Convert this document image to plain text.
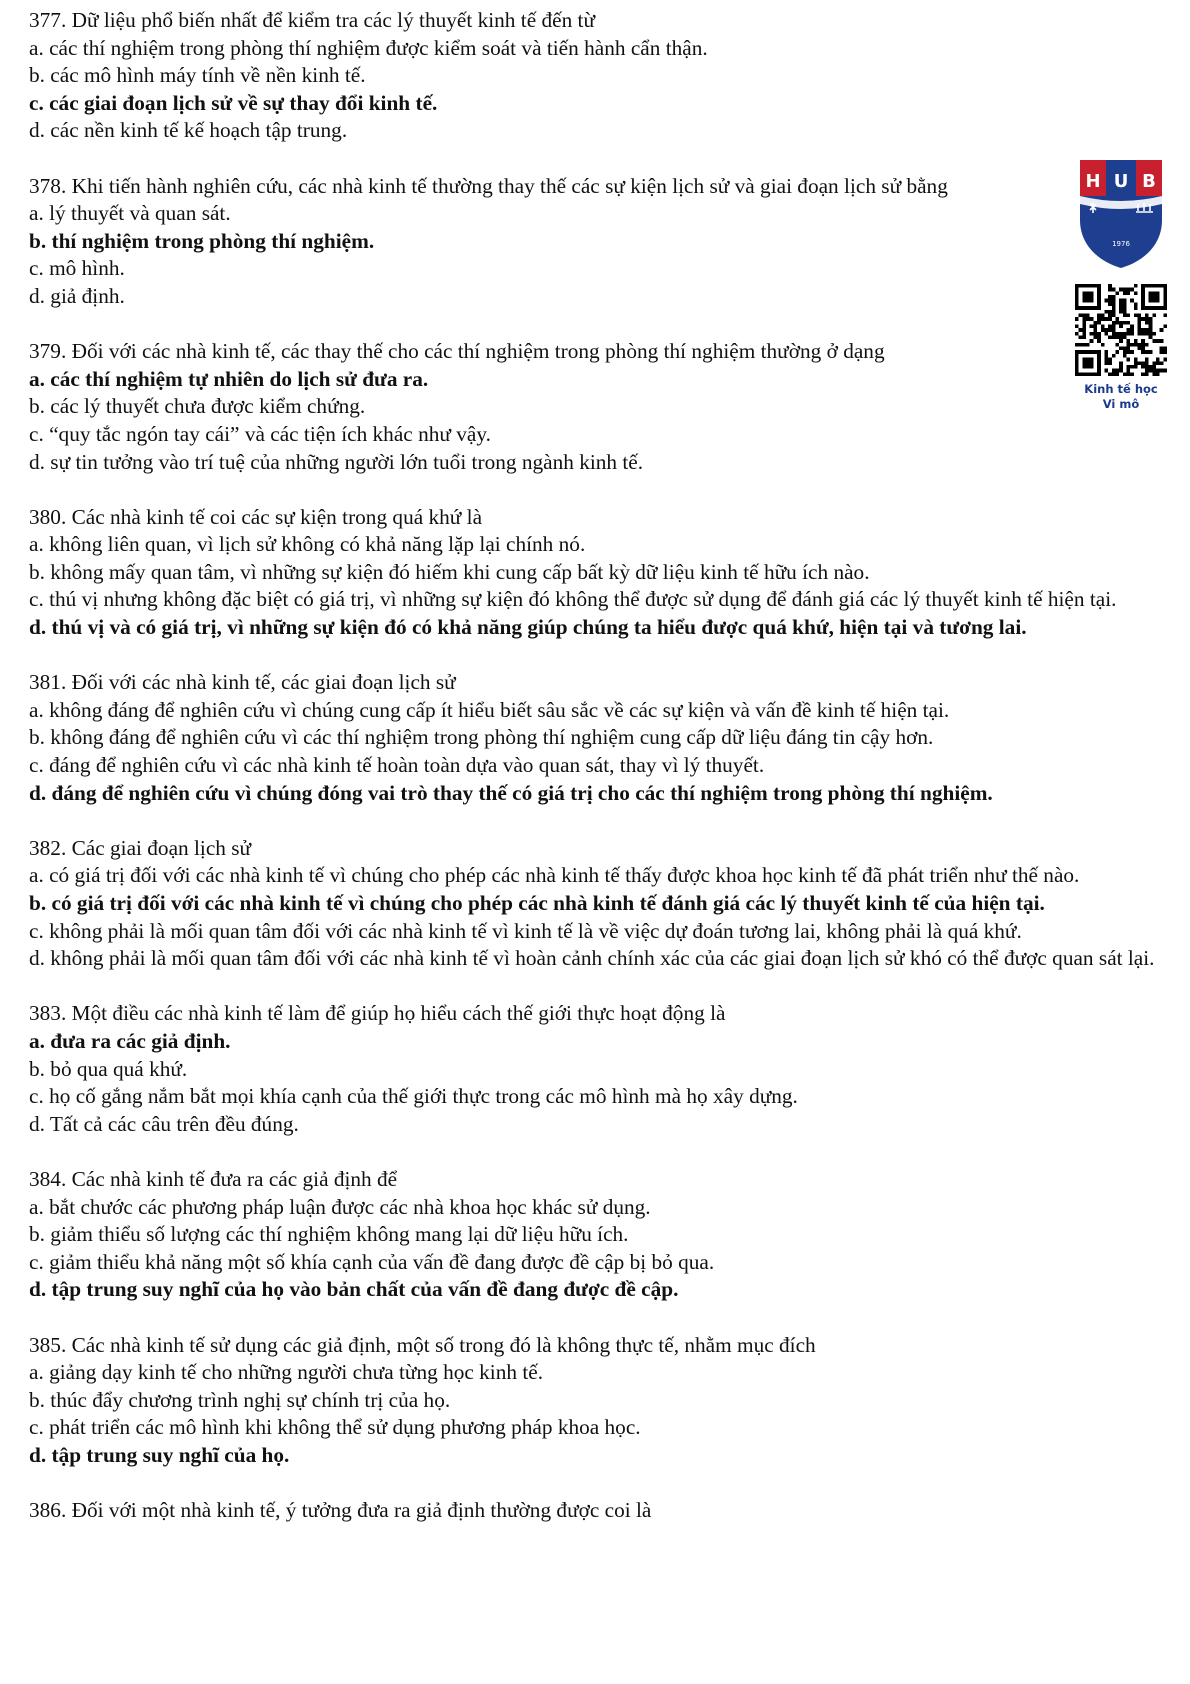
377. Dữ liệu phổ biến nhất để kiểm tra các lý thuyết kinh tế đến từ

a. các thí nghiệm trong phòng thí nghiệm được kiểm soát và tiến hành cẩn thận.

b. các mô hình máy tính về nền kinh tế.

c. các giai đoạn lịch sử về sự thay đổi kinh tế.

d. các nền kinh tế kế hoạch tập trung.

378. Khi tiến hành nghiên cứu, các nhà kinh tế thường thay thế các sự kiện lịch sử và giai đoạn lịch sử bằng

a. lý thuyết và quan sát.

b. thí nghiệm trong phòng thí nghiệm.

c. mô hình.

d. giả định.

379. Đối với các nhà kinh tế, các thay thế cho các thí nghiệm trong phòng thí nghiệm thường ở dạng

a. các thí nghiệm tự nhiên do lịch sử đưa ra.

b. các lý thuyết chưa được kiểm chứng.

c. “quy tắc ngón tay cái” và các tiện ích khác như vậy.

d. sự tin tưởng vào trí tuệ của những người lớn tuổi trong ngành kinh tế.

380. Các nhà kinh tế coi các sự kiện trong quá khứ là

a. không liên quan, vì lịch sử không có khả năng lặp lại chính nó.

b. không mấy quan tâm, vì những sự kiện đó hiếm khi cung cấp bất kỳ dữ liệu kinh tế hữu ích nào.

c. thú vị nhưng không đặc biệt có giá trị, vì những sự kiện đó không thể được sử dụng để đánh giá các lý thuyết kinh tế hiện tại.

d. thú vị và có giá trị, vì những sự kiện đó có khả năng giúp chúng ta hiểu được quá khứ, hiện tại và tương lai.

381. Đối với các nhà kinh tế, các giai đoạn lịch sử

a. không đáng để nghiên cứu vì chúng cung cấp ít hiểu biết sâu sắc về các sự kiện và vấn đề kinh tế hiện tại.

b. không đáng để nghiên cứu vì các thí nghiệm trong phòng thí nghiệm cung cấp dữ liệu đáng tin cậy hơn.

c. đáng để nghiên cứu vì các nhà kinh tế hoàn toàn dựa vào quan sát, thay vì lý thuyết.

d. đáng để nghiên cứu vì chúng đóng vai trò thay thế có giá trị cho các thí nghiệm trong phòng thí nghiệm.

382. Các giai đoạn lịch sử

a. có giá trị đối với các nhà kinh tế vì chúng cho phép các nhà kinh tế thấy được khoa học kinh tế đã phát triển như thế nào.

b. có giá trị đối với các nhà kinh tế vì chúng cho phép các nhà kinh tế đánh giá các lý thuyết kinh tế của hiện tại.

c. không phải là mối quan tâm đối với các nhà kinh tế vì kinh tế là về việc dự đoán tương lai, không phải là quá khứ.

d. không phải là mối quan tâm đối với các nhà kinh tế vì hoàn cảnh chính xác của các giai đoạn lịch sử khó có thể được quan sát lại.

383. Một điều các nhà kinh tế làm để giúp họ hiểu cách thế giới thực hoạt động là

a. đưa ra các giả định.

b. bỏ qua quá khứ.

c. họ cố gắng nắm bắt mọi khía cạnh của thế giới thực trong các mô hình mà họ xây dựng.

d. Tất cả các câu trên đều đúng.

384. Các nhà kinh tế đưa ra các giả định để

a. bắt chước các phương pháp luận được các nhà khoa học khác sử dụng.

b. giảm thiểu số lượng các thí nghiệm không mang lại dữ liệu hữu ích.

c. giảm thiểu khả năng một số khía cạnh của vấn đề đang được đề cập bị bỏ qua.

d. tập trung suy nghĩ của họ vào bản chất của vấn đề đang được đề cập.

385. Các nhà kinh tế sử dụng các giả định, một số trong đó là không thực tế, nhằm mục đích

a. giảng dạy kinh tế cho những người chưa từng học kinh tế.

b. thúc đẩy chương trình nghị sự chính trị của họ.

c. phát triển các mô hình khi không thể sử dụng phương pháp khoa học.

d. tập trung suy nghĩ của họ.

386. Đối với một nhà kinh tế, ý tưởng đưa ra giả định thường được coi là

H U B
1976
Kinh tế học
Vi mô
